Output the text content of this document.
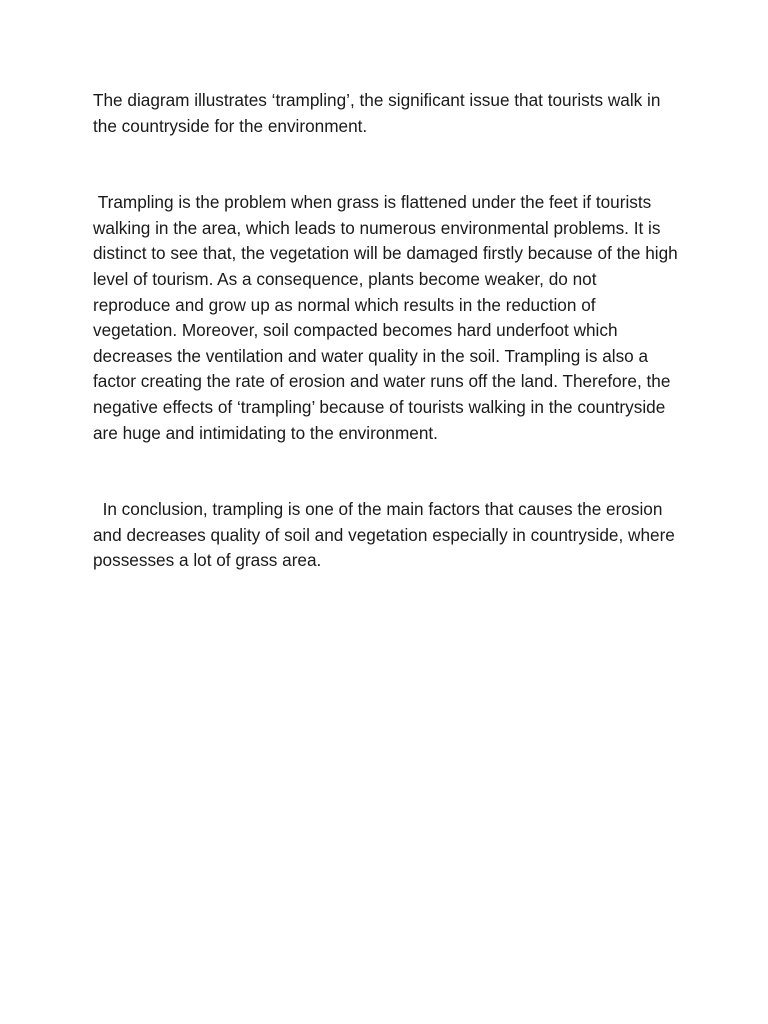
The diagram illustrates ‘trampling’, the significant issue that tourists walk in the countryside for the environment.

Trampling is the problem when grass is flattened under the feet if tourists walking in the area, which leads to numerous environmental problems. It is distinct to see that, the vegetation will be damaged firstly because of the high level of tourism. As a consequence, plants become weaker, do not reproduce and grow up as normal which results in the reduction of vegetation. Moreover, soil compacted becomes hard underfoot which decreases the ventilation and water quality in the soil. Trampling is also a factor creating the rate of erosion and water runs off the land. Therefore, the negative effects of ‘trampling’ because of tourists walking in the countryside are huge and intimidating to the environment.

In conclusion, trampling is one of the main factors that causes the erosion and decreases quality of soil and vegetation especially in countryside, where possesses a lot of grass area.
